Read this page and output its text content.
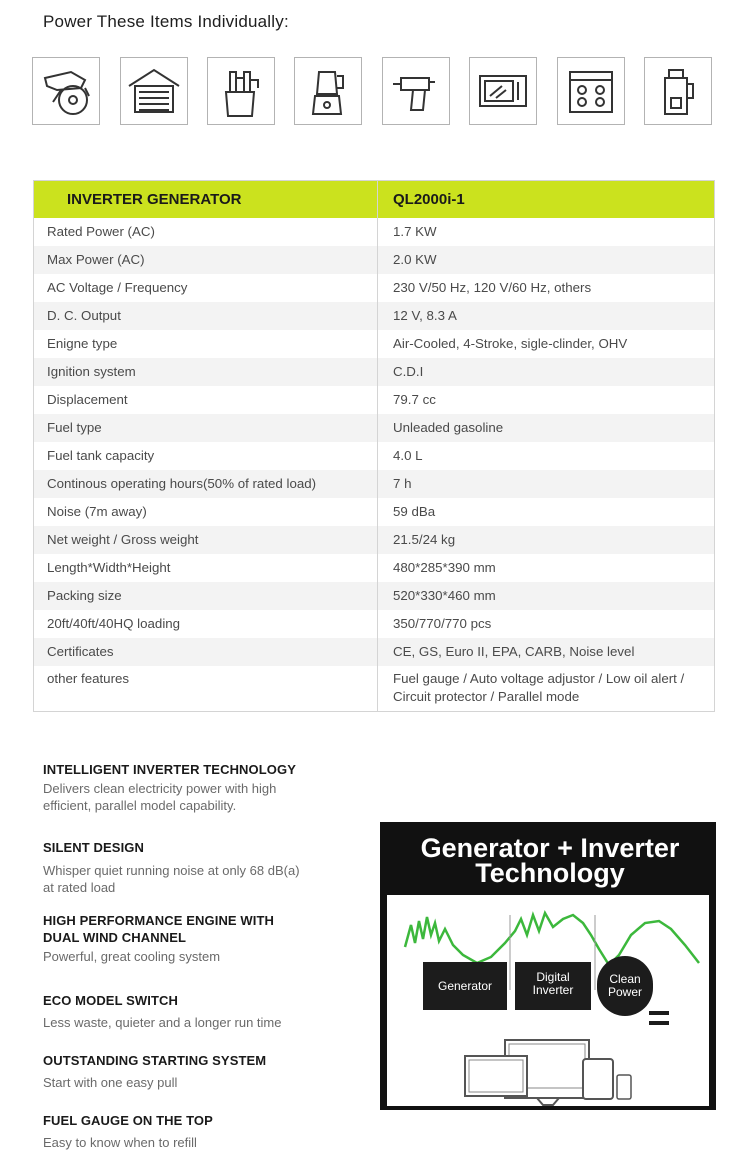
Power These Items Individually:
INVERTER GENERATOR	QL2000i-1
Rated Power (AC)	1.7 KW
Max Power (AC)	2.0 KW
AC Voltage / Frequency	230 V/50 Hz, 120 V/60 Hz, others
D. C. Output	12 V, 8.3 A
Enigne type	Air-Cooled, 4-Stroke, sigle-clinder, OHV
Ignition system	C.D.I
Displacement	79.7 cc
Fuel type	Unleaded gasoline
Fuel tank capacity	4.0 L
Continous operating hours(50% of rated load)	7 h
Noise (7m away)	59 dBa
Net weight / Gross weight	21.5/24 kg
Length*Width*Height	480*285*390 mm
Packing size	520*330*460 mm
20ft/40ft/40HQ loading	350/770/770 pcs
Certificates	CE, GS, Euro II, EPA, CARB, Noise level
other features	Fuel gauge / Auto voltage adjustor / Low oil alert /
Circuit protector / Parallel mode
INTELLIGENT INVERTER TECHNOLOGY

Delivers clean electricity power with high
efficient, parallel model capability.

SILENT DESIGN

Whisper quiet running noise at only 68 dB(a)
at rated load

HIGH PERFORMANCE ENGINE WITH
DUAL WIND CHANNEL

Powerful, great cooling system

ECO MODEL SWITCH

Less waste, quieter and a longer run time

OUTSTANDING STARTING SYSTEM

Start with one easy pull

FUEL GAUGE ON THE TOP

Easy to know when to refill

Generator + Inverter
Technology
Generator
Digital
Inverter
Clean
Power
